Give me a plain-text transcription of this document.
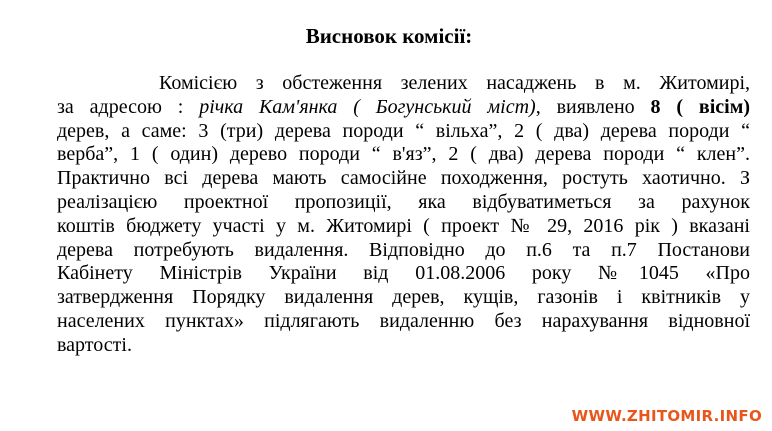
Висновок комісії:
Комісією з обстеження зелених насаджень в м. Житомирі,
за адресою : річка Кам'янка ( Богунський міст), виявлено 8 ( вісім)
дерев, а саме: 3 (три) дерева породи “ вільха”, 2 ( два) дерева породи “
верба”, 1 ( один) дерево породи “ в'яз”, 2 ( два) дерева породи “ клен”.
Практично всі дерева мають самосійне походження, ростуть хаотично. З
реалізацією проектної пропозиції, яка відбуватиметься за рахунок
коштів бюджету участі у м. Житомирі ( проект № 29, 2016 рік ) вказані
дерева потребують видалення. Відповідно до п.6 та п.7 Постанови
Кабінету Міністрів України від 01.08.2006 року №1045 «Про
затвердження Порядку видалення дерев, кущів, газонів і квітників у
населених пунктах» підлягають видаленню без нарахування відновної
вартості.
WWW.ZHITOMIR.INFO
